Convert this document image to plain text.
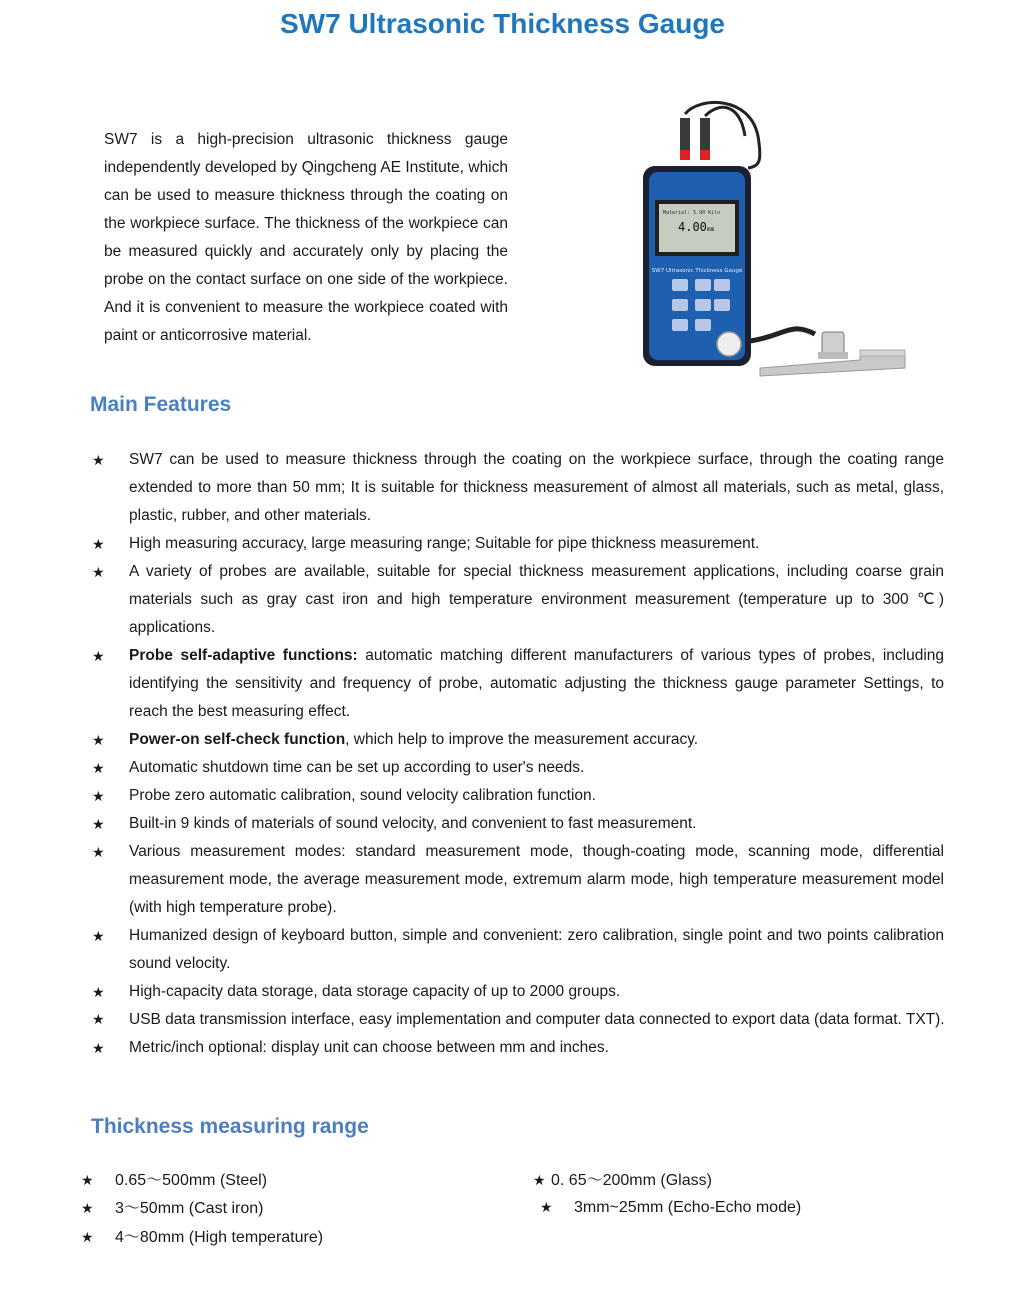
SW7 Ultrasonic Thickness Gauge

SW7 is a high-precision ultrasonic thickness gauge independently developed by Qingcheng AE Institute, which can be used to measure thickness through the coating on the workpiece surface. The thickness of the workpiece can be measured quickly and accurately only by placing the probe on the contact surface on one side of the workpiece. And it is convenient to measure the workpiece coated with paint or anticorrosive material.

Material: 5.90 Kilo
4.00 mm
SW7 Ultrasonic Thickness Gauge
Main Features
★ SW7 can be used to measure thickness through the coating on the workpiece surface, through the coating range extended to more than 50 mm; It is suitable for thickness measurement of almost all materials, such as metal, glass, plastic, rubber, and other materials.
★ High measuring accuracy, large measuring range; Suitable for pipe thickness measurement.
★ A variety of probes are available, suitable for special thickness measurement applications, including coarse grain materials such as gray cast iron and high temperature environment measurement (temperature up to 300 ℃) applications.
★ Probe self-adaptive functions: automatic matching different manufacturers of various types of probes, including identifying the sensitivity and frequency of probe, automatic adjusting the thickness gauge parameter Settings, to reach the best measuring effect.
★ Power-on self-check function, which help to improve the measurement accuracy.
★ Automatic shutdown time can be set up according to user's needs.
★ Probe zero automatic calibration, sound velocity calibration function.
★ Built-in 9 kinds of materials of sound velocity, and convenient to fast measurement.
★ Various measurement modes: standard measurement mode, though-coating mode, scanning mode, differential measurement mode, the average measurement mode, extremum alarm mode, high temperature measurement model (with high temperature probe).
★ Humanized design of keyboard button, simple and convenient: zero calibration, single point and two points calibration sound velocity.
★ High-capacity data storage, data storage capacity of up to 2000 groups.
★ USB data transmission interface, easy implementation and computer data connected to export data (data format. TXT).
★ Metric/inch optional: display unit can choose between mm and inches.
Thickness measuring range
★ 0.65～500mm (Steel)	★ 0. 65～200mm (Glass)
★ 3～50mm (Cast iron)	★ 3mm~25mm (Echo-Echo mode)
★ 4～80mm (High temperature)
